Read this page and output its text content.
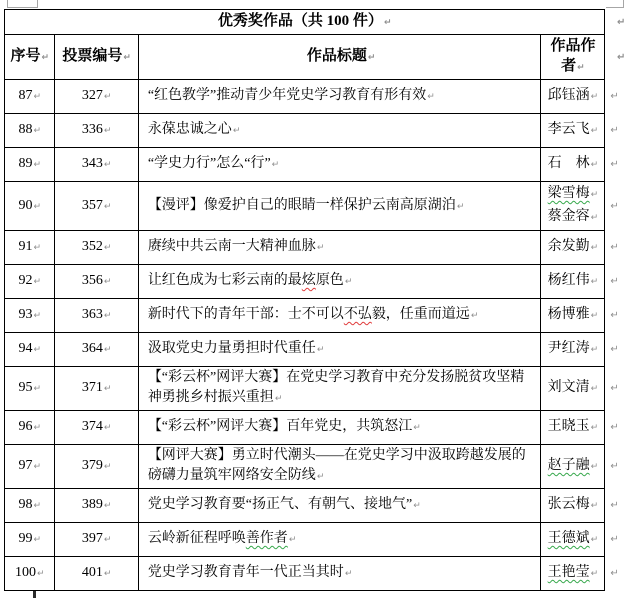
优秀奖作品（共 100 件）↵				↵
序号↵	投票编号↵	作品标题↵	作品作者↵	↵
87↵	327↵	“红色教学”推动青少年党史学习教育有形有效↵	邱钰涵↵	↵
88↵	336↵	永葆忠诚之心↵	李云飞↵	↵
89↵	343↵	“学史力行”怎么“行”↵	石　林↵	↵
90↵	357↵	【漫评】像爱护自己的眼睛一样保护云南高原湖泊↵	梁雪梅↵
蔡金容↵	↵
91↵	352↵	赓续中共云南一大精神血脉↵	余发勤↵	↵
92↵	356↵	让红色成为七彩云南的最炫原色↵	杨红伟↵	↵
93↵	363↵	新时代下的青年干部：士不可以不弘毅，任重而道远↵	杨博雅↵	↵
94↵	364↵	汲取党史力量勇担时代重任↵	尹红涛↵	↵
95↵	371↵	【“彩云杯”网评大赛】在党史学习教育中充分发扬脱贫攻坚精神勇挑乡村振兴重担↵	刘文清↵	↵
96↵	374↵	【“彩云杯”网评大赛】百年党史，共筑怒江↵	王晓玉↵	↵
97↵	379↵	【网评大赛】勇立时代潮头——在党史学习中汲取跨越发展的磅礴力量筑牢网络安全防线↵	赵子融↵	↵
98↵	389↵	党史学习教育要“扬正气、有朝气、接地气”↵	张云梅↵	↵
99↵	397↵	云岭新征程呼唤善作者↵	王德斌↵	↵
100↵	401↵	党史学习教育青年一代正当其时↵	王艳莹↵	↵
